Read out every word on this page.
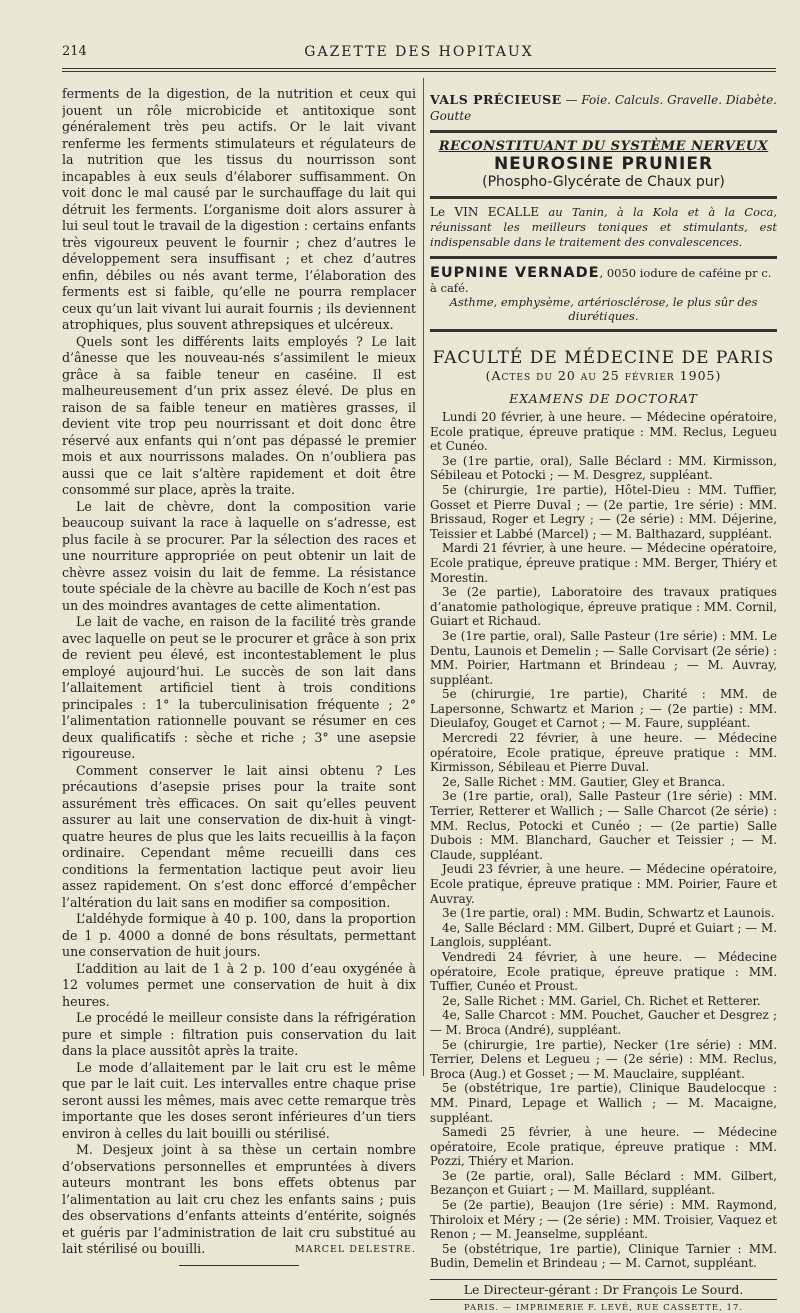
214	GAZETTE DES HOPITAUX

ferments de la digestion, de la nutrition et ceux qui jouent un rôle microbicide et antitoxique sont généralement très peu actifs. Or le lait vivant renferme les ferments stimulateurs et régulateurs de la nutrition que les tissus du nourrisson sont incapables à eux seuls d’élaborer suffisamment. On voit donc le mal causé par le surchauffage du lait qui détruit les ferments. L’organisme doit alors assurer à lui seul tout le travail de la digestion : certains enfants très vigoureux peuvent le fournir ; chez d’autres le développement sera insuffisant ; et chez d’autres enfin, débiles ou nés avant terme, l’élaboration des ferments est si faible, qu’elle ne pourra remplacer ceux qu’un lait vivant lui aurait fournis ; ils deviennent atrophiques, plus souvent athrepsiques et ulcéreux.

Quels sont les différents laits employés ? Le lait d’ânesse que les nouveau-nés s’assimilent le mieux grâce à sa faible teneur en caséine. Il est malheureusement d’un prix assez élevé. De plus en raison de sa faible teneur en matières grasses, il devient vite trop peu nourrissant et doit donc être réservé aux enfants qui n’ont pas dépassé le premier mois et aux nourrissons malades. On n’oubliera pas aussi que ce lait s’altère rapidement et doit être consommé sur place, après la traite.

Le lait de chèvre, dont la composition varie beaucoup suivant la race à laquelle on s’adresse, est plus facile à se procurer. Par la sélection des races et une nourriture appropriée on peut obtenir un lait de chèvre assez voisin du lait de femme. La résistance toute spéciale de la chèvre au bacille de Koch n’est pas un des moindres avantages de cette alimentation.

Le lait de vache, en raison de la facilité très grande avec laquelle on peut se le procurer et grâce à son prix de revient peu élevé, est incontestablement le plus employé aujourd’hui. Le succès de son lait dans l’allaitement artificiel tient à trois conditions principales : 1° la tuberculinisation fréquente ; 2° l’alimentation rationnelle pouvant se résumer en ces deux qualificatifs : sèche et riche ; 3° une asepsie rigoureuse.

Comment conserver le lait ainsi obtenu ? Les précautions d’asepsie prises pour la traite sont assurément très efficaces. On sait qu’elles peuvent assurer au lait une conservation de dix-huit à vingt-quatre heures de plus que les laits recueillis à la façon ordinaire. Cependant même recueilli dans ces conditions la fermentation lactique peut avoir lieu assez rapidement. On s’est donc efforcé d’empêcher l’altération du lait sans en modifier sa composition.

L’aldéhyde formique à 40 p. 100, dans la proportion de 1 p. 4000 a donné de bons résultats, permettant une conservation de huit jours.

L’addition au lait de 1 à 2 p. 100 d’eau oxygénée à 12 volumes permet une conservation de huit à dix heures.

Le procédé le meilleur consiste dans la réfrigération pure et simple : filtration puis conservation du lait dans la place aussitôt après la traite.

Le mode d’allaitement par le lait cru est le même que par le lait cuit. Les intervalles entre chaque prise seront aussi les mêmes, mais avec cette remarque très importante que les doses seront inférieures d’un tiers environ à celles du lait bouilli ou stérilisé.

M. Desjeux joint à sa thèse un certain nombre d’observations personnelles et empruntées à divers auteurs montrant les bons effets obtenus par l’alimentation au lait cru chez les enfants sains ; puis des observations d’enfants atteints d’entérite, soignés et guéris par l’administration de lait cru substitué au lait stérilisé ou bouilli.	MARCEL DELESTRE.
VALS PRÉCIEUSE — Foie. Calculs. Gravelle. Diabète. Goutte
RECONSTITUANT DU SYSTÈME NERVEUX
NEUROSINE PRUNIER
(Phospho-Glycérate de Chaux pur)
Le VIN ECALLE au Tanin, à la Kola et à la Coca, réunissant les meilleurs toniques et stimulants, est indispensable dans le traitement des convalescences.
EUPNINE VERNADE, 0050 iodure de caféine pr c. à café.
Asthme, emphysème, artériosclérose, le plus sûr des diurétiques.
FACULTÉ DE MÉDECINE DE PARIS
(Actes du 20 au 25 février 1905)
EXAMENS DE DOCTORAT

Lundi 20 février, à une heure. — Médecine opératoire, Ecole pratique, épreuve pratique : MM. Reclus, Legueu et Cunéo.

3e (1re partie, oral), Salle Béclard : MM. Kirmisson, Sébileau et Potocki ; — M. Desgrez, suppléant.

5e (chirurgie, 1re partie), Hôtel-Dieu : MM. Tuffier, Gosset et Pierre Duval ; — (2e partie, 1re série) : MM. Brissaud, Roger et Legry ; — (2e série) : MM. Déjerine, Teissier et Labbé (Marcel) ; — M. Balthazard, suppléant.

Mardi 21 février, à une heure. — Médecine opératoire, Ecole pratique, épreuve pratique : MM. Berger, Thiéry et Morestin.

3e (2e partie), Laboratoire des travaux pratiques d’anatomie pathologique, épreuve pratique : MM. Cornil, Guiart et Richaud.

3e (1re partie, oral), Salle Pasteur (1re série) : MM. Le Dentu, Launois et Demelin ; — Salle Corvisart (2e série) : MM. Poirier, Hartmann et Brindeau ; — M. Auvray, suppléant.

5e (chirurgie, 1re partie), Charité : MM. de Lapersonne, Schwartz et Marion ; — (2e partie) : MM. Dieulafoy, Gouget et Carnot ; — M. Faure, suppléant.

Mercredi 22 février, à une heure. — Médecine opératoire, Ecole pratique, épreuve pratique : MM. Kirmisson, Sébileau et Pierre Duval.

2e, Salle Richet : MM. Gautier, Gley et Branca.

3e (1re partie, oral), Salle Pasteur (1re série) : MM. Terrier, Retterer et Wallich ; — Salle Charcot (2e série) : MM. Reclus, Potocki et Cunéo ; — (2e partie) Salle Dubois : MM. Blanchard, Gaucher et Teissier ; — M. Claude, suppléant.

Jeudi 23 février, à une heure. — Médecine opératoire, Ecole pratique, épreuve pratique : MM. Poirier, Faure et Auvray.

3e (1re partie, oral) : MM. Budin, Schwartz et Launois.

4e, Salle Béclard : MM. Gilbert, Dupré et Guiart ; — M. Langlois, suppléant.

Vendredi 24 février, à une heure. — Médecine opératoire, Ecole pratique, épreuve pratique : MM. Tuffier, Cunéo et Proust.

2e, Salle Richet : MM. Gariel, Ch. Richet et Retterer.

4e, Salle Charcot : MM. Pouchet, Gaucher et Desgrez ; — M. Broca (André), suppléant.

5e (chirurgie, 1re partie), Necker (1re série) : MM. Terrier, Delens et Legueu ; — (2e série) : MM. Reclus, Broca (Aug.) et Gosset ; — M. Mauclaire, suppléant.

5e (obstétrique, 1re partie), Clinique Baudelocque : MM. Pinard, Lepage et Wallich ; — M. Macaigne, suppléant.

Samedi 25 février, à une heure. — Médecine opératoire, Ecole pratique, épreuve pratique : MM. Pozzi, Thiéry et Marion.

3e (2e partie, oral), Salle Béclard : MM. Gilbert, Bezançon et Guiart ; — M. Maillard, suppléant.

5e (2e partie), Beaujon (1re série) : MM. Raymond, Thiroloix et Méry ; — (2e série) : MM. Troisier, Vaquez et Renon ; — M. Jeanselme, suppléant.

5e (obstétrique, 1re partie), Clinique Tarnier : MM. Budin, Demelin et Brindeau ; — M. Carnot, suppléant.

Le Directeur-gérant : Dr François Le Sourd.
PARIS. — IMPRIMERIE F. LEVÉ, RUE CASSETTE, 17.
